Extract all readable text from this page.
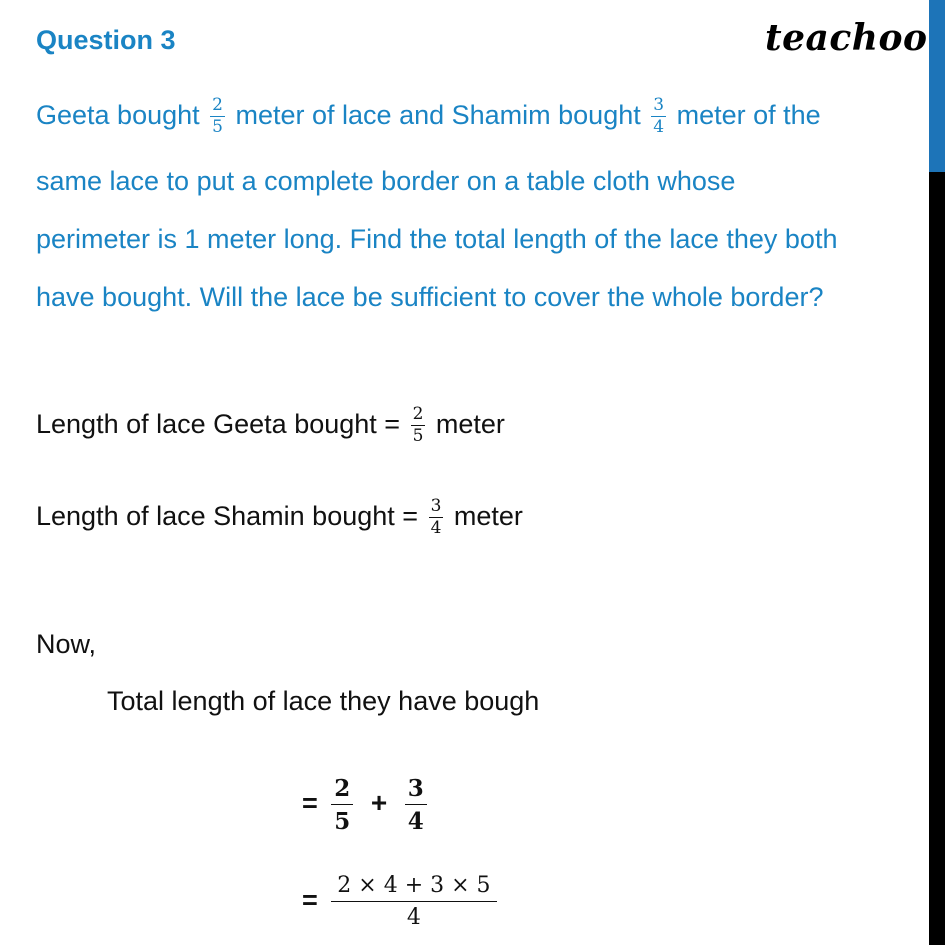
Question 3	teachoo
Geeta bought $\frac{2}{5}$ meter of lace and Shamim bought $\frac{3}{4}$ meter of the
same lace to put a complete border on a table cloth whose
perimeter is 1 meter long. Find the total length of the lace they both
have bought. Will the lace be sufficient to cover the whole border?
Length of lace Geeta bought = $\frac{2}{5}$ meter
Length of lace Shamin bought = $\frac{3}{4}$ meter
Now,
Total length of lace they have bough
= $\frac{2}{5} + \frac{3}{4}$
= $\frac{2 \times 4 + 3 \times 5}{4}$
